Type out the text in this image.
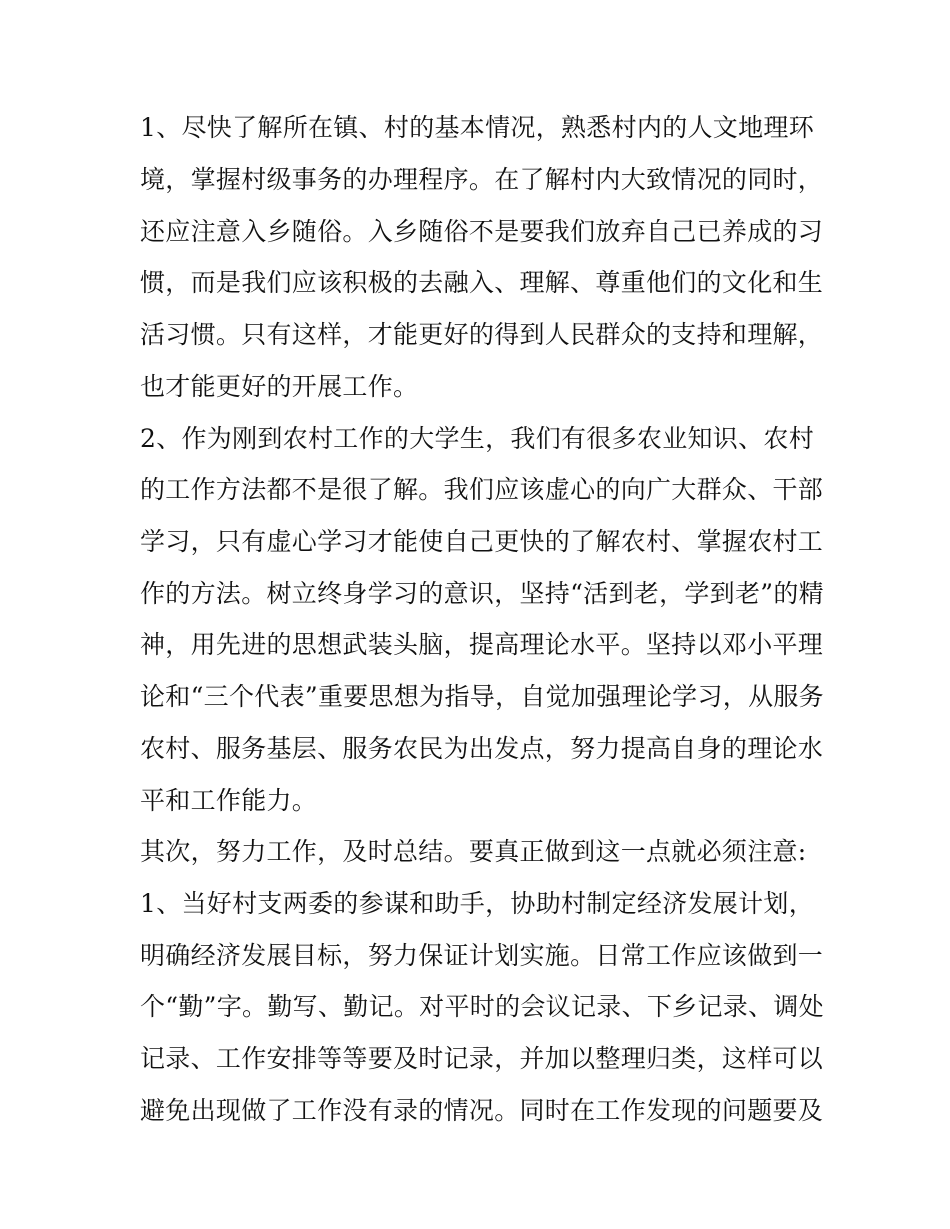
1、尽快了解所在镇、村的基本情况，熟悉村内的人文地理环
境，掌握村级事务的办理程序。在了解村内大致情况的同时，
还应注意入乡随俗。入乡随俗不是要我们放弃自己已养成的习
惯，而是我们应该积极的去融入、理解、尊重他们的文化和生
活习惯。只有这样，才能更好的得到人民群众的支持和理解，
也才能更好的开展工作。
2、作为刚到农村工作的大学生，我们有很多农业知识、农村
的工作方法都不是很了解。我们应该虚心的向广大群众、干部
学习，只有虚心学习才能使自己更快的了解农村、掌握农村工
作的方法。树立终身学习的意识，坚持“活到老，学到老”的精
神，用先进的思想武装头脑，提高理论水平。坚持以邓小平理
论和“三个代表”重要思想为指导，自觉加强理论学习，从服务
农村、服务基层、服务农民为出发点，努力提高自身的理论水
平和工作能力。
其次，努力工作，及时总结。要真正做到这一点就必须注意:
1、当好村支两委的参谋和助手，协助村制定经济发展计划，
明确经济发展目标，努力保证计划实施。日常工作应该做到一
个“勤”字。勤写、勤记。对平时的会议记录、下乡记录、调处
记录、工作安排等等要及时记录，并加以整理归类，这样可以
避免出现做了工作没有录的情况。同时在工作发现的问题要及
